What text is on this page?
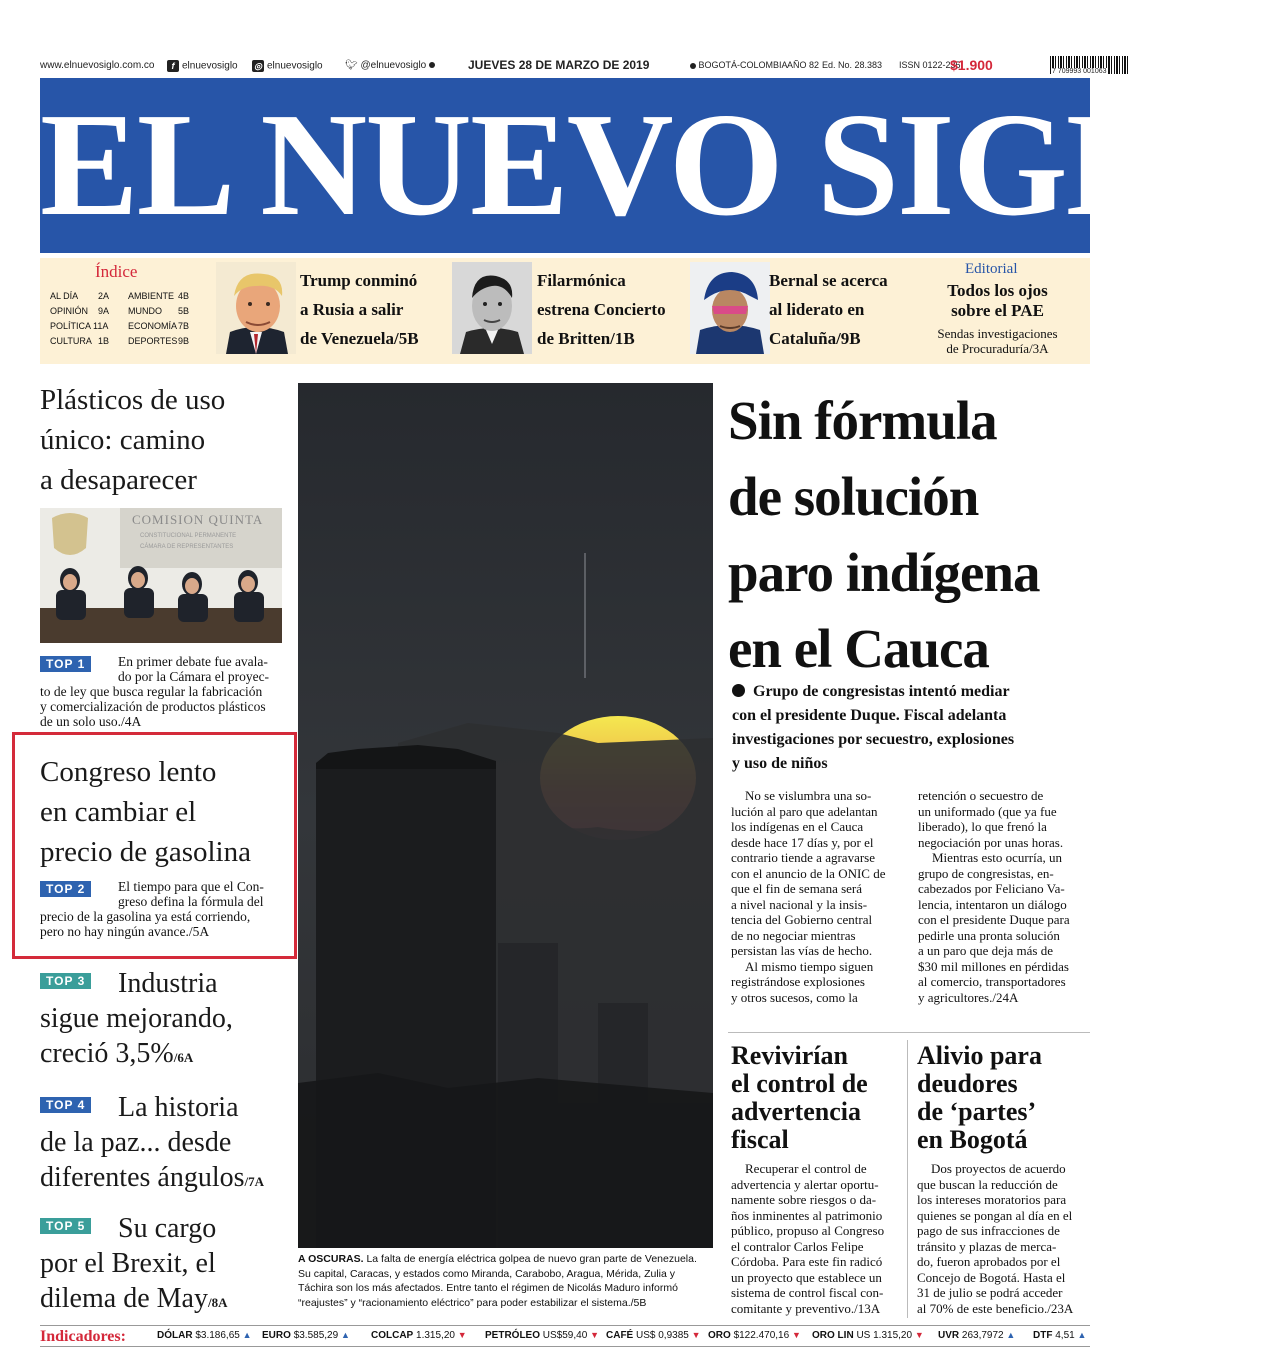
www.elnuevosiglo.com.co	f elnuevosiglo ◎ elnuevosiglo 🐦︎ @elnuevosiglo	JUEVES 28 DE MARZO DE 2019	BOGOTÁ-COLOMBIA AÑO 82 Ed. No. 28.383 ISSN 0122-235
$1.900	7 709993 001063
EL NUEVO SIGLO
Índice
AL DÍA 2A
OPINIÓN 9A
POLÍTICA 11A
CULTURA 1B
AMBIENTE 4B
MUNDO 5B
ECONOMÍA 7B
DEPORTES 9B
Trump conminó
a Rusia a salir
de Venezuela/5B
Filarmónica
estrena Concierto
de Britten/1B
Bernal se acerca
al liderato en
Cataluña/9B
Editorial
Todos los ojos
sobre el PAE
Sendas investigaciones
de Procuraduría/3A
Plásticos de uso
único: camino
a desaparecer
COMISION QUINTA
CONSTITUCIONAL PERMANENTE
CÁMARA DE REPRESENTANTES
TOP 1	En primer debate fue avala-
do por la Cámara el proyec-
to de ley que busca regular la fabricación
y comercialización de productos plásticos
de un solo uso./4A
Congreso lento
en cambiar el
precio de gasolina
TOP 2	El tiempo para que el Con-
greso defina la fórmula del
precio de la gasolina ya está corriendo,
pero no hay ningún avance./5A
TOP 3	Industria
sigue mejorando,
creció 3,5%/6A
TOP 4	La historia
de la paz... desde
diferentes ángulos/7A
TOP 5	Su cargo
por el Brexit, el
dilema de May/8A
A OSCURAS. La falta de energía eléctrica golpea de nuevo gran parte de Venezuela.
Su capital, Caracas, y estados como Miranda, Carabobo, Aragua, Mérida, Zulia y
Táchira son los más afectados. Entre tanto el régimen de Nicolás Maduro informó
“reajustes” y “racionamiento eléctrico” para poder estabilizar el sistema./5B
Sin fórmula
de solución
paro indígena
en el Cauca
Grupo de congresistas intentó mediar
con el presidente Duque. Fiscal adelanta
investigaciones por secuestro, explosiones
y uso de niños
No se vislumbra una so-
lución al paro que adelantan
los indígenas en el Cauca
desde hace 17 días y, por el
contrario tiende a agravarse
con el anuncio de la ONIC de
que el fin de semana será
a nivel nacional y la insis-
tencia del Gobierno central
de no negociar mientras
persistan las vías de hecho.
Al mismo tiempo siguen
registrándose explosiones
y otros sucesos, como la
retención o secuestro de
un uniformado (que ya fue
liberado), lo que frenó la
negociación por unas horas.
Mientras esto ocurría, un
grupo de congresistas, en-
cabezados por Feliciano Va-
lencia, intentaron un diálogo
con el presidente Duque para
pedirle una pronta solución
a un paro que deja más de
$30 mil millones en pérdidas
al comercio, transportadores
y agricultores./24A
Revivirían
el control de
advertencia
fiscal
Recuperar el control de
advertencia y alertar oportu-
namente sobre riesgos o da-
ños inminentes al patrimonio
público, propuso al Congreso
el contralor Carlos Felipe
Córdoba. Para este fin radicó
un proyecto que establece un
sistema de control fiscal con-
comitante y preventivo./13A
Alivio para
deudores
de ‘partes’
en Bogotá
Dos proyectos de acuerdo
que buscan la reducción de
los intereses moratorios para
quienes se pongan al día en el
pago de sus infracciones de
tránsito y plazas de merca-
do, fueron aprobados por el
Concejo de Bogotá. Hasta el
31 de julio se podrá acceder
al 70% de este beneficio./23A
Indicadores:	DÓLAR $3.186,65 ▲ EURO $3.585,29 ▲ COLCAP 1.315,20 ▼ PETRÓLEO US$59,40 ▼ CAFÉ US$ 0,9385 ▼ ORO $122.470,16 ▼ ORO LIN US 1.315,20 ▼ UVR 263,7972 ▲ DTF 4,51 ▲
